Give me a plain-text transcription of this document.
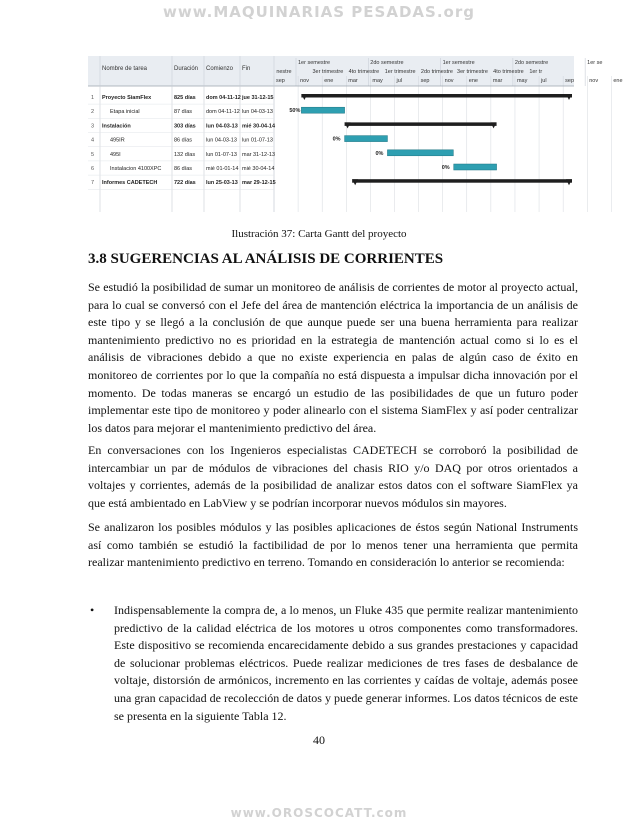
www.MAQUINARIAS PESADAS.org
Nombre de tarea	Duración Comienzo Fin
1er semestre	2do semestre	1er semestre	2do semestre	1er se
nestre	3er trimestre 4to trimestre 1er trimestre 2do trimestre 3er trimestre 4to trimestre 1er tr
sep	nov	ene	mar	may jul	sep	nov	ene	mar	may jul	sep	nov	ene
1 Proyecto SiamFlex	825 días dom 04-11-12 jue 31-12-15
2	Etapa inicial	87 días	dom 04-11-12 lun 04-03-13	50%
3 Instalación	303 días lun 04-03-13 mié 30-04-14
4	495IR	86 días	lun 04-03-13 lun 01-07-13	0%
5	495I	132 días lun 01-07-13 mar 31-12-13	0%
6	Instalacion 4100XPC 86 días	mié 01-01-14 mié 30-04-14	0%
7 Informes CADETECH	722 días lun 25-03-13 mar 29-12-15
Ilustración 37: Carta Gantt del proyecto
3.8 SUGERENCIAS AL ANÁLISIS DE CORRIENTES

Se estudió la posibilidad de sumar un monitoreo de análisis de corrientes de motor al proyecto actual, para lo cual se conversó con el Jefe del área de mantención eléctrica la importancia de un análisis de este tipo y se llegó a la conclusión de que aunque puede ser una buena herramienta para realizar mantenimiento predictivo no es prioridad en la estrategia de mantención actual como si lo es el análisis de vibraciones debido a que no existe experiencia en palas de algún caso de éxito en monitoreo de corrientes por lo que la compañía no está dispuesta a impulsar dicha innovación por el momento. De todas maneras se encargó un estudio de las posibilidades de que un futuro poder implementar este tipo de monitoreo y poder alinearlo con el sistema SiamFlex y así poder centralizar los datos para mejorar el mantenimiento predictivo del área.

En conversaciones con los Ingenieros especialistas CADETECH se corroboró la posibilidad de intercambiar un par de módulos de vibraciones del chasis RIO y/o DAQ por otros orientados a voltajes y corrientes, además de la posibilidad de analizar estos datos con el software SiamFlex ya que está ambientado en LabView y se podrían incorporar nuevos módulos sin mayores.

Se analizaron los posibles módulos y las posibles aplicaciones de éstos según National Instruments así como también se estudió la factibilidad de por lo menos tener una herramienta que permita realizar mantenimiento predictivo en terreno. Tomando en consideración lo anterior se recomienda:

• Indispensablemente la compra de, a lo menos, un Fluke 435 que permite realizar mantenimiento predictivo de la calidad eléctrica de los motores u otros componentes como transformadores. Este dispositivo se recomienda encarecidamente debido a sus grandes prestaciones y capacidad de solucionar problemas eléctricos. Puede realizar mediciones de tres fases de desbalance de voltaje, distorsión de armónicos, incremento en las corrientes y caídas de voltaje, además posee una gran capacidad de recolección de datos y puede generar informes. Los datos técnicos de este se presenta en la siguiente Tabla 12.

40
www.OROSCOCATT.com
